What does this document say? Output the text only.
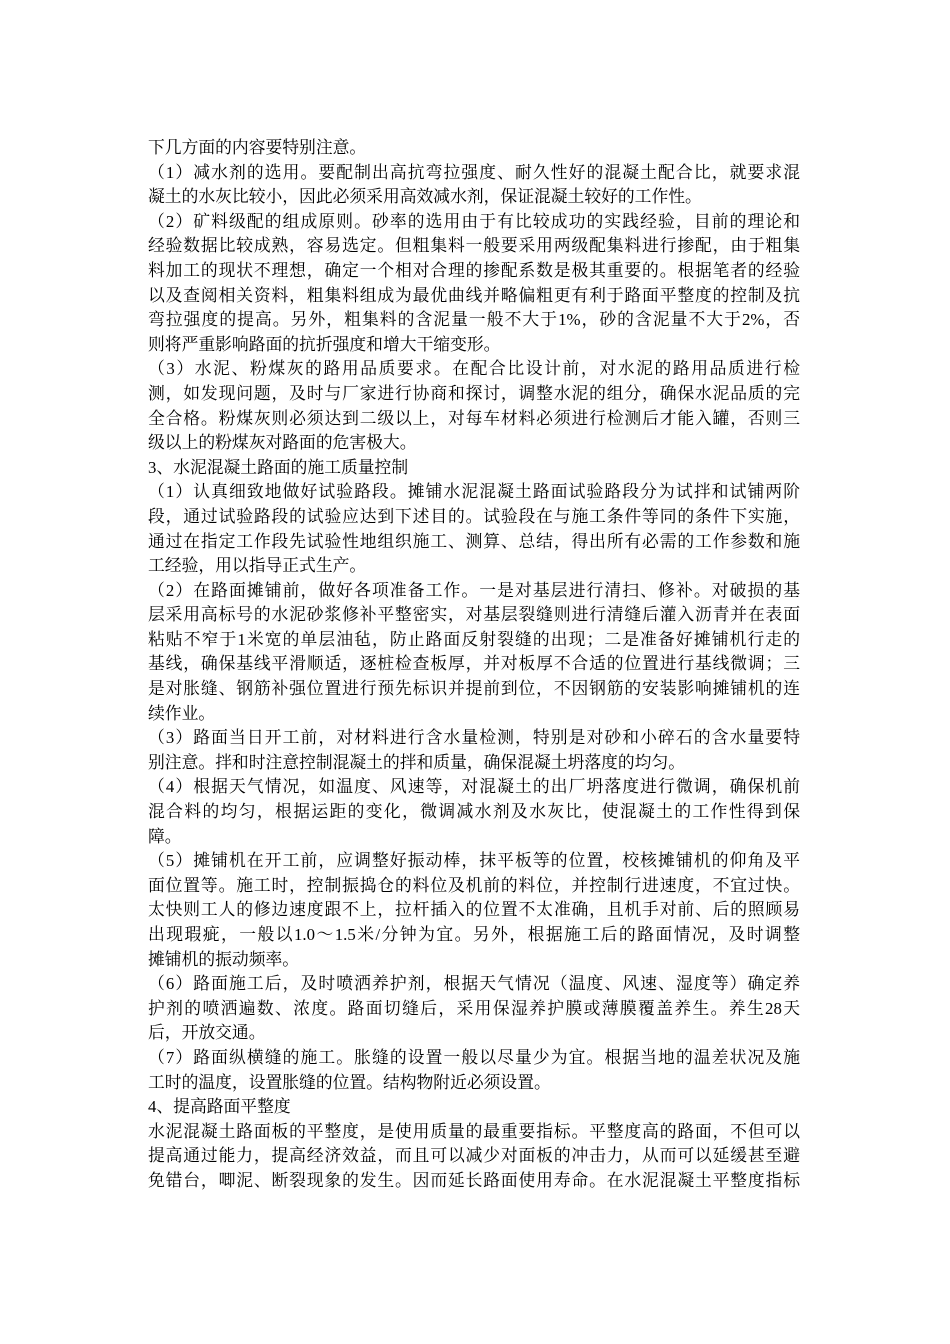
下几方面的内容要特别注意。
（1）减水剂的选用。要配制出高抗弯拉强度、耐久性好的混凝土配合比，就要求混
凝土的水灰比较小，因此必须采用高效减水剂，保证混凝土较好的工作性。
（2）矿料级配的组成原则。砂率的选用由于有比较成功的实践经验，目前的理论和
经验数据比较成熟，容易选定。但粗集料一般要采用两级配集料进行掺配，由于粗集
料加工的现状不理想，确定一个相对合理的掺配系数是极其重要的。根据笔者的经验
以及查阅相关资料，粗集料组成为最优曲线并略偏粗更有利于路面平整度的控制及抗
弯拉强度的提高。另外，粗集料的含泥量一般不大于1%，砂的含泥量不大于2%，否
则将严重影响路面的抗折强度和增大干缩变形。
（3）水泥、粉煤灰的路用品质要求。在配合比设计前，对水泥的路用品质进行检
测，如发现问题，及时与厂家进行协商和探讨，调整水泥的组分，确保水泥品质的完
全合格。粉煤灰则必须达到二级以上，对每车材料必须进行检测后才能入罐，否则三
级以上的粉煤灰对路面的危害极大。
3、水泥混凝土路面的施工质量控制
（1）认真细致地做好试验路段。摊铺水泥混凝土路面试验路段分为试拌和试铺两阶
段，通过试验路段的试验应达到下述目的。试验段在与施工条件等同的条件下实施，
通过在指定工作段先试验性地组织施工、测算、总结，得出所有必需的工作参数和施
工经验，用以指导正式生产。
（2）在路面摊铺前，做好各项准备工作。一是对基层进行清扫、修补。对破损的基
层采用高标号的水泥砂浆修补平整密实，对基层裂缝则进行清缝后灌入沥青并在表面
粘贴不窄于1米宽的单层油毡，防止路面反射裂缝的出现；二是准备好摊铺机行走的
基线，确保基线平滑顺适，逐桩检查板厚，并对板厚不合适的位置进行基线微调；三
是对胀缝、钢筋补强位置进行预先标识并提前到位，不因钢筋的安装影响摊铺机的连
续作业。
（3）路面当日开工前，对材料进行含水量检测，特别是对砂和小碎石的含水量要特
别注意。拌和时注意控制混凝土的拌和质量，确保混凝土坍落度的均匀。
（4）根据天气情况，如温度、风速等，对混凝土的出厂坍落度进行微调，确保机前
混合料的均匀，根据运距的变化，微调减水剂及水灰比，使混凝土的工作性得到保
障。
（5）摊铺机在开工前，应调整好振动棒，抹平板等的位置，校核摊铺机的仰角及平
面位置等。施工时，控制振捣仓的料位及机前的料位，并控制行进速度，不宜过快。
太快则工人的修边速度跟不上，拉杆插入的位置不太准确，且机手对前、后的照顾易
出现瑕疵，一般以1.0～1.5米/分钟为宜。另外，根据施工后的路面情况，及时调整
摊铺机的振动频率。
（6）路面施工后，及时喷洒养护剂，根据天气情况（温度、风速、湿度等）确定养
护剂的喷洒遍数、浓度。路面切缝后，采用保湿养护膜或薄膜覆盖养生。养生28天
后，开放交通。
（7）路面纵横缝的施工。胀缝的设置一般以尽量少为宜。根据当地的温差状况及施
工时的温度，设置胀缝的位置。结构物附近必须设置。
4、提高路面平整度
水泥混凝土路面板的平整度，是使用质量的最重要指标。平整度高的路面，不但可以
提高通过能力，提高经济效益，而且可以减少对面板的冲击力，从而可以延缓甚至避
免错台，唧泥、断裂现象的发生。因而延长路面使用寿命。在水泥混凝土平整度指标
